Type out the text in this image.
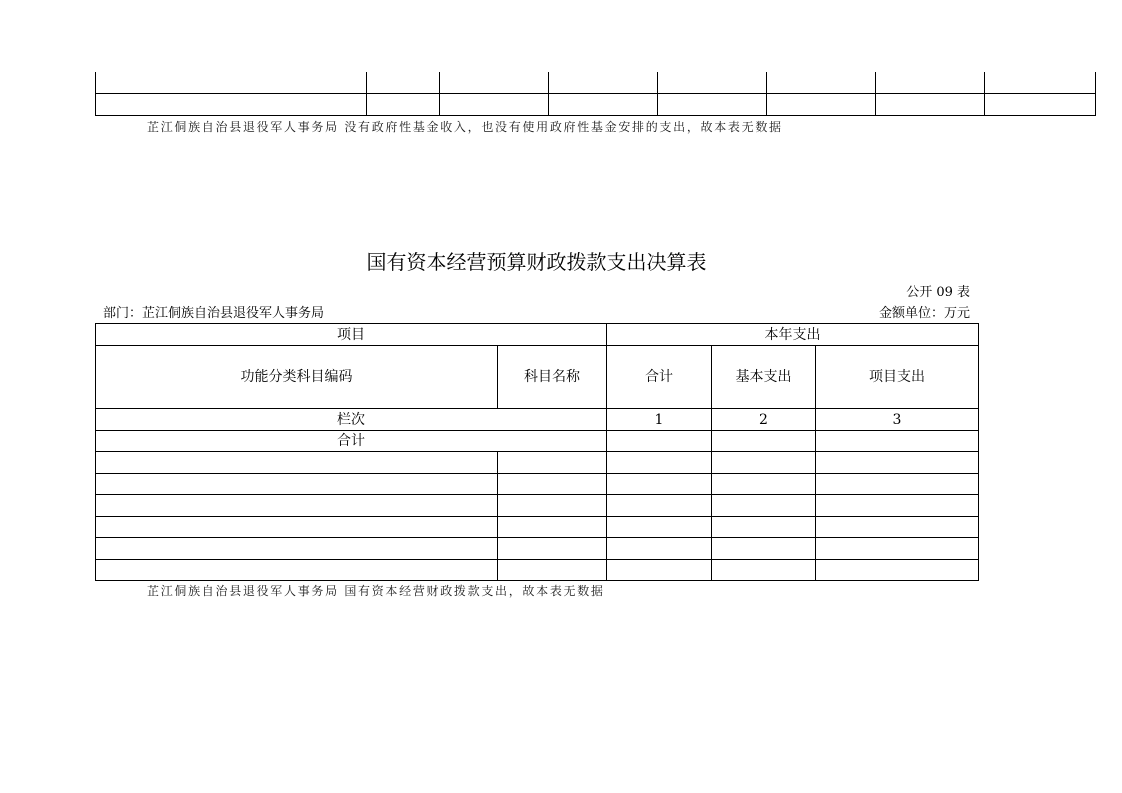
芷江侗族自治县退役军人事务局 没有政府性基金收入，也没有使用政府性基金安排的支出，故本表无数据
国有资本经营预算财政拨款支出决算表
公开 09 表
部门：芷江侗族自治县退役军人事务局	金额单位：万元
项目		本年支出		
功能分类科目编码	科目名称	合计	基本支出	项目支出
栏次		1	2	3
合计				

芷江侗族自治县退役军人事务局 国有资本经营财政拨款支出，故本表无数据
